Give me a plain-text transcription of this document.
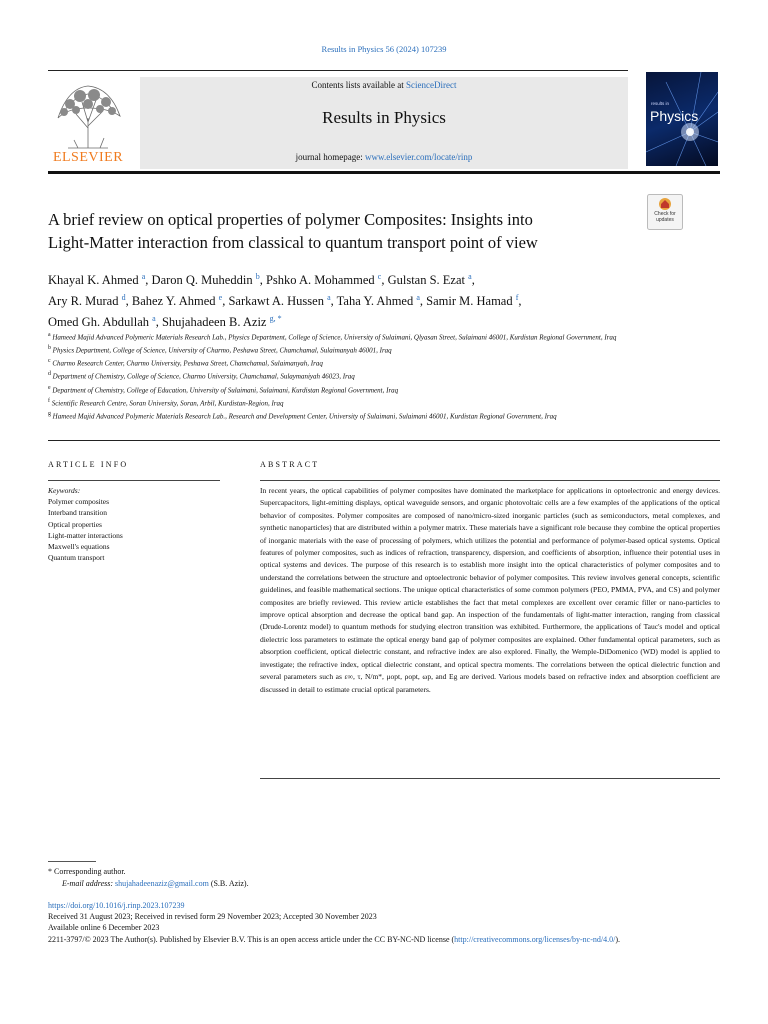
Results in Physics 56 (2024) 107239
ELSEVIER
Contents lists available at ScienceDirect
Results in Physics
journal homepage: www.elsevier.com/locate/rinp
results in
Physics
A brief review on optical properties of polymer Composites: Insights into
Light-Matter interaction from classical to quantum transport point of view
Check for
updates
Khayal K. Ahmed $^a$, Daron Q. Muheddin $^b$, Pshko A. Mohammed $^c$, Gulstan S. Ezat $^a$,
Ary R. Murad $^d$, Bahez Y. Ahmed $^e$, Sarkawt A. Hussen $^a$, Taha Y. Ahmed $^a$, Samir M. Hamad $^f$,
Omed Gh. Abdullah $^a$, Shujahadeen B. Aziz $^{g, *}$
$^a$ Hameed Majid Advanced Polymeric Materials Research Lab., Physics Department, College of Science, University of Sulaimani, Qlyasan Street, Sulaimani 46001, Kurdistan Regional Government, Iraq
$^b$ Physics Department, College of Science, University of Charmo, Peshawa Street, Chamchamal, Sulaimanyah 46001, Iraq
$^c$ Charmo Research Center, Charmo University, Peshawa Street, Chamchamal, Sulaimanyah, Iraq
$^d$ Department of Chemistry, College of Science, Charmo University, Chamchamal, Sulaymaniyah 46023, Iraq
$^e$ Department of Chemistry, College of Education, University of Sulaimani, Sulaimani, Kurdistan Regional Government, Iraq
$^f$ Scientific Research Centre, Soran University, Soran, Arbil, Kurdistan-Region, Iraq
$^g$ Hameed Majid Advanced Polymeric Materials Research Lab., Research and Development Center, University of Sulaimani, Sulaimani 46001, Kurdistan Regional Government, Iraq
ARTICLE INFO	ABSTRACT
Keywords:
Polymer composites
Interband transition
Optical properties
Light-matter interactions
Maxwell's equations
Quantum transport
In recent years, the optical capabilities of polymer composites have dominated the marketplace for applications in optoelectronic and energy devices. Supercapacitors, light-emitting displays, optical waveguide sensors, and organic photovoltaic cells are a few examples of the applications of the optical behavior of composites. Polymer composites are composed of nano/micro-sized inorganic particles (such as semiconductors, metal complexes, and synthetic nanoparticles) that are distributed within a polymer matrix. These materials have a significant role because they combine the optical properties of inorganic materials with the ease of processing of polymers, which utilizes the potential and performance of polymer-based optical systems. Optical features of polymer composites, such as indices of refraction, transparency, dispersion, and coefficients of absorption, influence their potential uses in optical systems and devices. The purpose of this research is to establish more insight into the optical characteristics of polymer composites and to understand the correlations between the structure and optoelectronic behavior of polymer composites. This review involves general concepts, scientific guidelines, and feasible mathematical sections. The unique optical characteristics of some common polymers (PEO, PMMA, PVA, and CS) and polymer composites are briefly reviewed. This review article establishes the fact that metal complexes are excellent over ceramic filler or nano-particles to improve optical absorption and decrease the optical band gap. An inspection of the fundamentals of light-matter interaction, ranging from classical (Drude-Lorentz model) to quantum methods for studying electron transition was exhibited. Furthermore, the applications of Tauc's model and optical dielectric loss parameters to estimate the optical energy band gap of polymer composites are explained. Other fundamental optical parameters, such as absorption coefficient, optical dielectric constant, and refractive index are also explored. Finally, the Wemple-DiDomenico (WD) model is applied to investigate; the refractive index, optical dielectric constant, and optical spectra moments. The correlations between the optical dielectric function and several parameters such as ε∞, τ, N/m*, μopt, ρopt, ωp, and Eg are derived. Various models based on refractive index and absorption coefficient are discussed in detail to estimate crucial optical parameters.
* Corresponding author.
E-mail address: shujahadeenaziz@gmail.com (S.B. Aziz).
https://doi.org/10.1016/j.rinp.2023.107239
Received 31 August 2023; Received in revised form 29 November 2023; Accepted 30 November 2023
Available online 6 December 2023
2211-3797/© 2023 The Author(s). Published by Elsevier B.V. This is an open access article under the CC BY-NC-ND license (http://creativecommons.org/licenses/by-nc-nd/4.0/).
